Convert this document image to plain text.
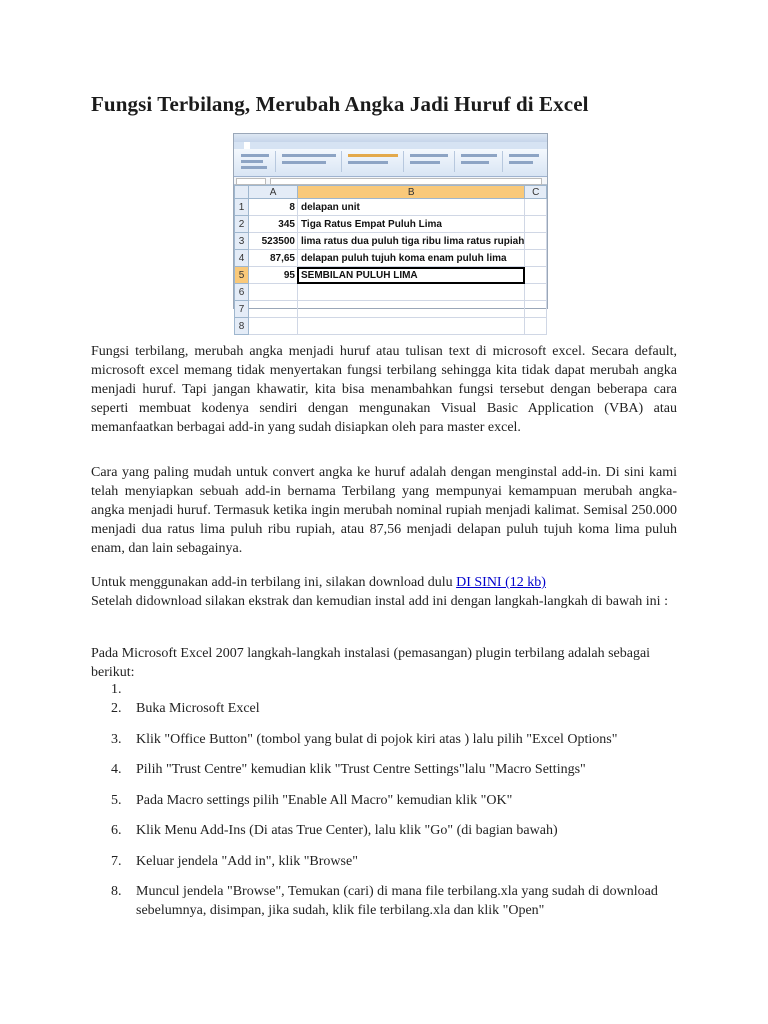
Fungsi Terbilang, Merubah Angka Jadi Huruf di Excel
	A	B	C
1	8	delapan unit	
2	345	Tiga Ratus Empat Puluh Lima	
3	523500	lima ratus dua puluh tiga ribu lima ratus rupiah	
4	87,65	delapan puluh tujuh koma enam puluh lima	
5	95	SEMBILAN PULUH LIMA	
6			
7			
8			

Fungsi terbilang, merubah angka menjadi huruf atau tulisan text di microsoft excel. Secara default, microsoft excel memang tidak menyertakan fungsi terbilang sehingga kita tidak dapat merubah angka menjadi huruf. Tapi jangan khawatir, kita bisa menambahkan fungsi tersebut dengan beberapa cara seperti membuat kodenya sendiri dengan mengunakan Visual Basic Application (VBA) atau memanfaatkan berbagai add-in yang sudah disiapkan oleh para master excel.

Cara yang paling mudah untuk convert angka ke huruf adalah dengan menginstal add-in. Di sini kami telah menyiapkan sebuah add-in bernama Terbilang yang mempunyai kemampuan merubah angka-angka menjadi huruf. Termasuk ketika ingin merubah nominal rupiah menjadi kalimat. Semisal 250.000 menjadi dua ratus lima puluh ribu rupiah, atau 87,56 menjadi delapan puluh tujuh koma lima puluh enam, dan lain sebagainya.

Untuk menggunakan add-in terbilang ini, silakan download dulu DI SINI (12 kb)
Setelah didownload silakan ekstrak dan kemudian instal add ini dengan langkah-langkah di bawah ini :

Pada Microsoft Excel 2007 langkah-langkah instalasi (pemasangan) plugin terbilang adalah sebagai berikut:

1.
2. Buka Microsoft Excel
3. Klik "Office Button" (tombol yang bulat di pojok kiri atas ) lalu pilih "Excel Options"
4. Pilih "Trust Centre" kemudian klik "Trust Centre Settings"lalu "Macro Settings"
5. Pada Macro settings pilih "Enable All Macro" kemudian klik "OK"
6. Klik Menu Add-Ins (Di atas True Center), lalu klik "Go" (di bagian bawah)
7. Keluar jendela "Add in", klik "Browse"
8. Muncul jendela "Browse", Temukan (cari) di mana file terbilang.xla yang sudah di download sebelumnya, disimpan, jika sudah, klik file terbilang.xla dan klik "Open"
